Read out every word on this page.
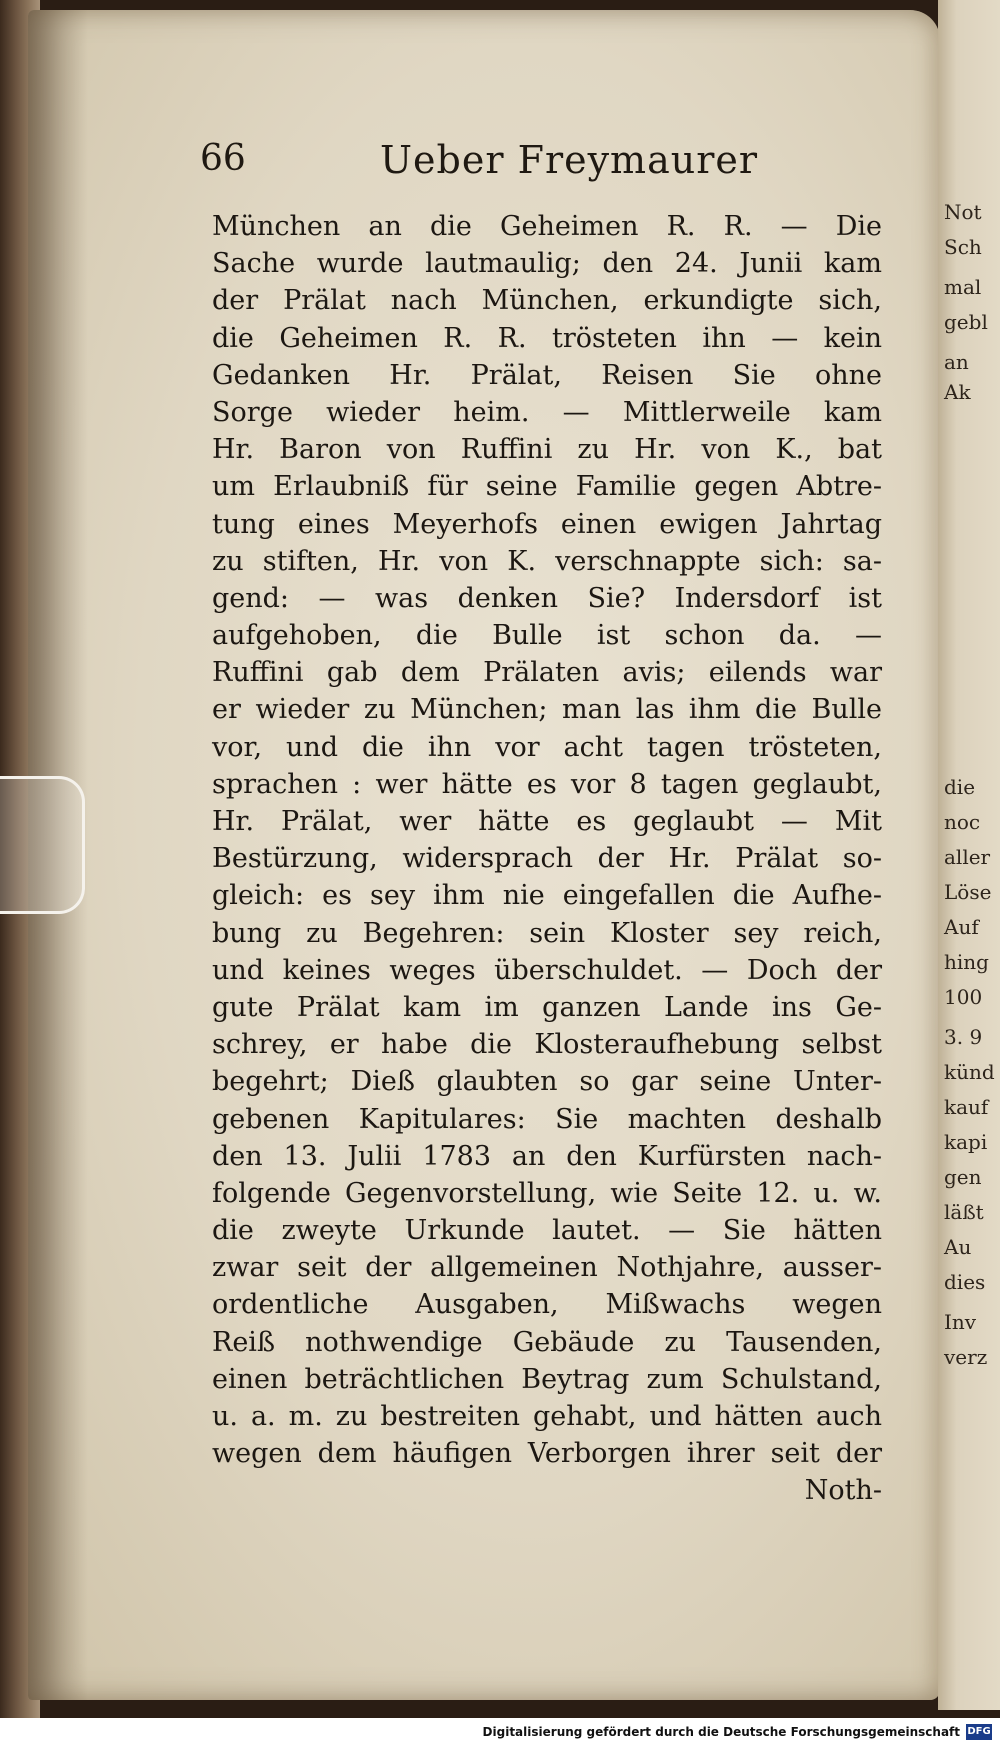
Not
Sch
mal
gebl
an
Ak
die
noc
aller
Löse
Auf
hing
100
3. 9
künd
kauf
kapi
gen
läßt
Au
dies
Inv
verz
66	Ueber Freymaurer
München an die Geheimen R. R. — Die
Sache wurde lautmaulig; den 24. Junii kam
der Prälat nach München, erkundigte sich,
die Geheimen R. R. trösteten ihn — kein
Gedanken Hr. Prälat, Reisen Sie ohne
Sorge wieder heim. — Mittlerweile kam
Hr. Baron von Ruffini zu Hr. von K., bat
um Erlaubniß für seine Familie gegen Abtre-
tung eines Meyerhofs einen ewigen Jahrtag
zu stiften, Hr. von K. verschnappte sich: sa-
gend: — was denken Sie? Indersdorf ist
aufgehoben, die Bulle ist schon da. —
Ruffini gab dem Prälaten avis; eilends war
er wieder zu München; man las ihm die Bulle
vor, und die ihn vor acht tagen trösteten,
sprachen : wer hätte es vor 8 tagen geglaubt,
Hr. Prälat, wer hätte es geglaubt — Mit
Bestürzung, widersprach der Hr. Prälat so-
gleich: es sey ihm nie eingefallen die Aufhe-
bung zu Begehren: sein Kloster sey reich,
und keines weges überschuldet. — Doch der
gute Prälat kam im ganzen Lande ins Ge-
schrey, er habe die Klosteraufhebung selbst
begehrt; Dieß glaubten so gar seine Unter-
gebenen Kapitulares: Sie machten deshalb
den 13. Julii 1783 an den Kurfürsten nach-
folgende Gegenvorstellung, wie Seite 12. u. w.
die zweyte Urkunde lautet. — Sie hätten
zwar seit der allgemeinen Nothjahre, ausser-
ordentliche Ausgaben, Mißwachs wegen
Reiß nothwendige Gebäude zu Tausenden,
einen beträchtlichen Beytrag zum Schulstand,
u. a. m. zu bestreiten gehabt, und hätten auch
wegen dem häufigen Verborgen ihrer seit der
Noth-
Digitalisierung gefördert durch die Deutsche Forschungsgemeinschaft DFG
